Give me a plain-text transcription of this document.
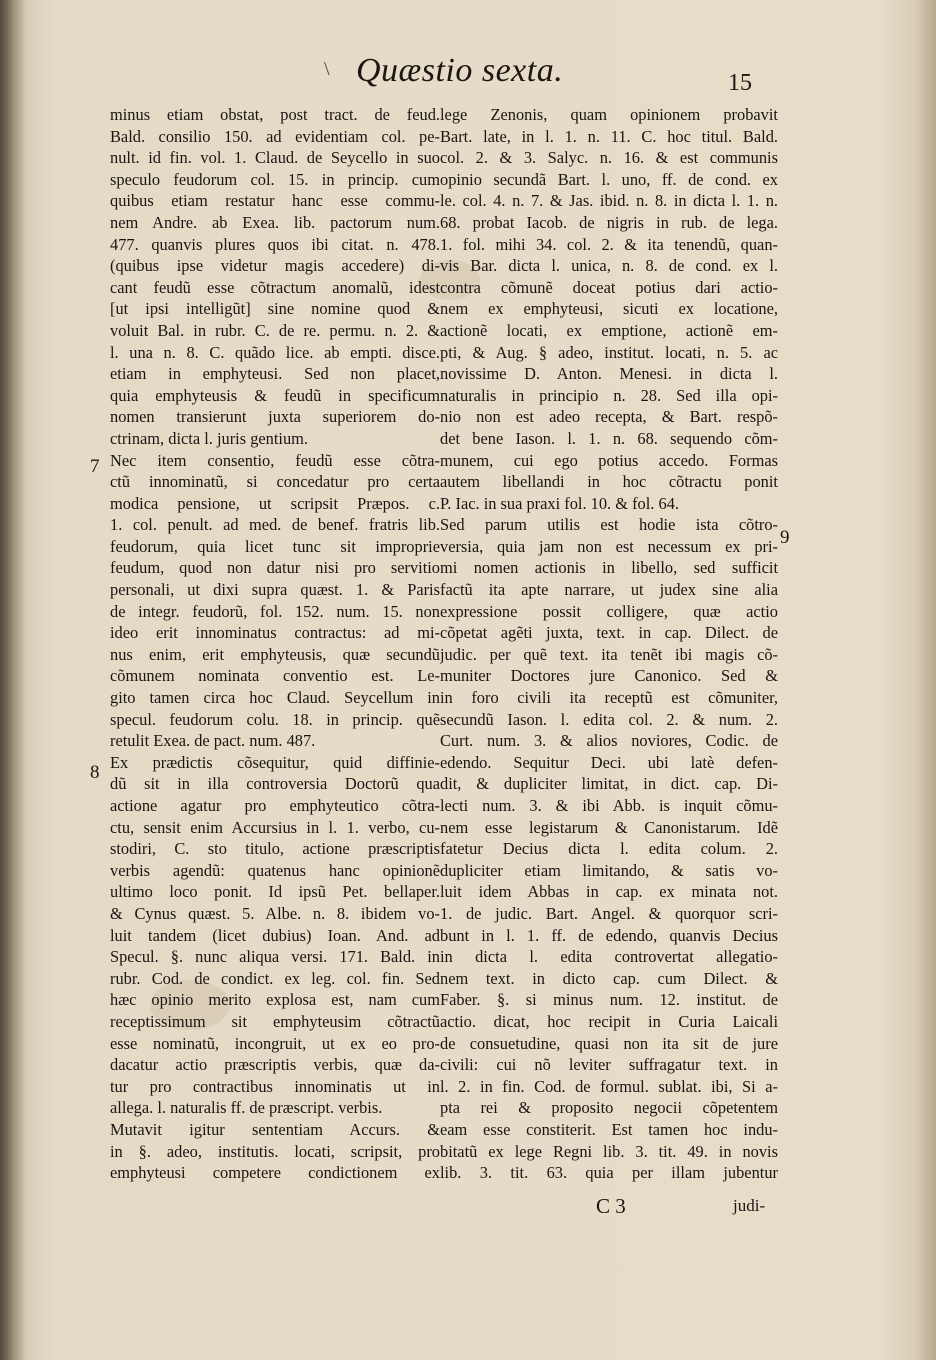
\ Quæstio sexta.	15
minus etiam obstat, post tract. de feud.
Bald. consilio 150. ad evidentiam col. pe-
nult. id fin. vol. 1. Claud. de Seycello in suo
speculo feudorum col. 15. in princip. cum
quibus etiam restatur hanc esse commu-
nem Andre. ab Exea. lib. pactorum num.
477. quanvis plures quos ibi citat. n. 478.
(quibus ipse videtur magis accedere) di-
cant feudũ esse cõtractum anomalũ, idest
[ut ipsi intelligũt] sine nomine quod &
voluit Bal. in rubr. C. de re. permu. n. 2. &
l. una n. 8. C. quãdo lice. ab empti. disce.
etiam in emphyteusi. Sed non placet,
quia emphyteusis & feudũ in specificum
nomen transierunt juxta superiorem do-
ctrinam, dicta l. juris gentium.
Nec item consentio, feudũ esse cõtra-
ctũ innominatũ, si concedatur pro certa
modica pensione, ut scripsit Præpos. c.
1. col. penult. ad med. de benef. fratris lib.
feudorum, quia licet tunc sit improprie
feudum, quod non datur nisi pro servitio
personali, ut dixi supra quæst. 1. & Paris
de integr. feudorũ, fol. 152. num. 15. non
ideo erit innominatus contractus: ad mi-
nus enim, erit emphyteusis, quæ secundũ
cõmunem nominata conventio est. Le-
gito tamen circa hoc Claud. Seycellum in
specul. feudorum colu. 18. in princip. quẽ
retulit Exea. de pact. num. 487.
Ex prædictis cõsequitur, quid diffinie-
dũ sit in illa controversia Doctorũ qua
actione agatur pro emphyteutico cõtra-
ctu, sensit enim Accursius in l. 1. verbo, cu-
stodiri, C. sto titulo, actione præscriptis
verbis agendũ: quatenus hanc opinionẽ
ultimo loco ponit. Id ipsũ Pet. bellaper.
& Cynus quæst. 5. Albe. n. 8. ibidem vo-
luit tandem (licet dubius) Ioan. And. ad
Specul. §. nunc aliqua versi. 171. Bald. in
rubr. Cod. de condict. ex leg. col. fin. Sed
hæc opinio merito explosa est, nam cum
receptissimum sit emphyteusim cõtractũ
esse nominatũ, incongruit, ut ex eo pro-
dacatur actio præscriptis verbis, quæ da-
tur pro contractibus innominatis ut in
allega. l. naturalis ff. de præscript. verbis.
Mutavit igitur sententiam Accurs. &
in §. adeo, institutis. locati, scripsit, pro
emphyteusi competere condictionem ex
lege Zenonis, quam opinionem probavit
Bart. late, in l. 1. n. 11. C. hoc titul. Bald.
col. 2. & 3. Salyc. n. 16. & est communis
opinio secundã Bart. l. uno, ff. de cond. ex
le. col. 4. n. 7. & Jas. ibid. n. 8. in dicta l. 1. n.
68. probat Iacob. de nigris in rub. de lega.
1. fol. mihi 34. col. 2. & ita tenendũ, quan-
vis Bar. dicta l. unica, n. 8. de cond. ex l.
contra cõmunẽ doceat potius dari actio-
nem ex emphyteusi, sicuti ex locatione,
actionẽ locati, ex emptione, actionẽ em-
pti, & Aug. § adeo, institut. locati, n. 5. ac
novissime D. Anton. Menesi. in dicta l.
naturalis in principio n. 28. Sed illa opi-
nio non est adeo recepta, & Bart. respõ-
det bene Iason. l. 1. n. 68. sequendo cõm-
munem, cui ego potius accedo. Formas
autem libellandi in hoc cõtractu ponit
P. Iac. in sua praxi fol. 10. & fol. 64.
Sed parum utilis est hodie ista cõtro-
versia, quia jam non est necessum ex pri-
mi nomen actionis in libello, sed sufficit
factũ ita apte narrare, ut judex sine alia
expressione possit colligere, quæ actio
cõpetat agẽti juxta, text. in cap. Dilect. de
judic. per quẽ text. ita tenẽt ibi magis cõ-
muniter Doctores jure Canonico. Sed &
in foro civili ita receptũ est cõmuniter,
secundũ Iason. l. edita col. 2. & num. 2.
Curt. num. 3. & alios noviores, Codic. de
edendo. Sequitur Deci. ubi latè defen-
dit, & dupliciter limitat, in dict. cap. Di-
lecti num. 3. & ibi Abb. is inquit cõmu-
nem esse legistarum & Canonistarum. Idẽ
fatetur Decius dicta l. edita colum. 2.
dupliciter etiam limitando, & satis vo-
luit idem Abbas in cap. ex minata not.
1. de judic. Bart. Angel. & quorquor scri-
bunt in l. 1. ff. de edendo, quanvis Decius
in dicta l. edita controvertat allegatio-
nem text. in dicto cap. cum Dilect. &
Faber. §. si minus num. 12. institut. de
actio. dicat, hoc recipit in Curia Laicali
de consuetudine, quasi non ita sit de jure
civili: cui nõ leviter suffragatur text. in
l. 2. in fin. Cod. de formul. sublat. ibi, Si a-
pta rei & proposito negocii cõpetentem
eam esse constiterit. Est tamen hoc indu-
bitatũ ex lege Regni lib. 3. tit. 49. in novis
lib. 3. tit. 63. quia per illam jubentur
7
8
9
C 3	judi-
